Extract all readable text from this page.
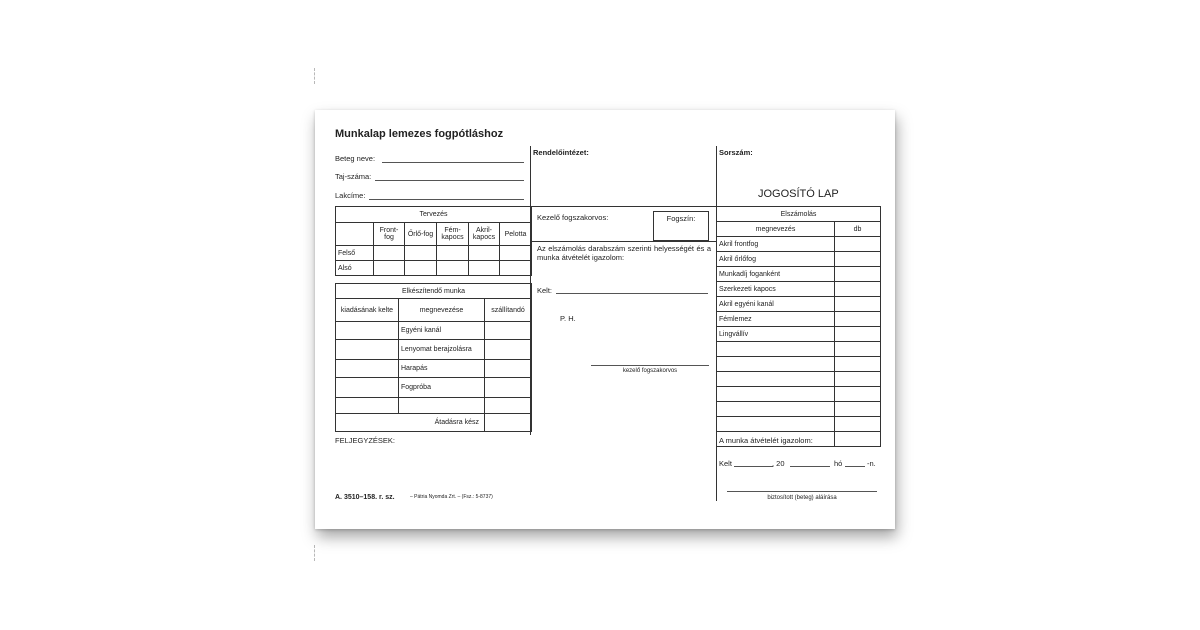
Munkalap lemezes fogpótláshoz
Beteg neve:
Taj-száma:
Lakcíme:
Rendelőintézet:	Sorszám:
JOGOSÍTÓ LAP
Tervezés					
	Front-fog	Őrlő-fog	Fém-kapocs	Akril-kapocs	Pelotta
Felső					
Alsó					
Elkészítendő munka		
kiadásának kelte	megnevezése	szállítandó
	Egyéni kanál	
	Lenyomat berajzolásra	
	Harapás	
	Fogpróba	

Átadásra kész		
Kezelő fogszakorvos:	Fogszín:
Az elszámolás darabszám szerinti helyességét és a munka átvételét igazolom:
Kelt:
P. H.
kezelő fogszakorvos
Elszámolás	
megnevezés	db
Akril frontfog	
Akril őrlőfog	
Munkadíj foganként	
Szerkezeti kapocs	
Akril egyéni kanál	
Fémlemez	
Lingvállív	

FELJEGYZÉSEK:
A. 3510–158. r. sz.	– Pátria Nyomda Zrt. – (Fsz.: 5-8737)
A munka átvételét igazolom:
Kelt	, 20	hó	-n.
biztosított (beteg) aláírása
